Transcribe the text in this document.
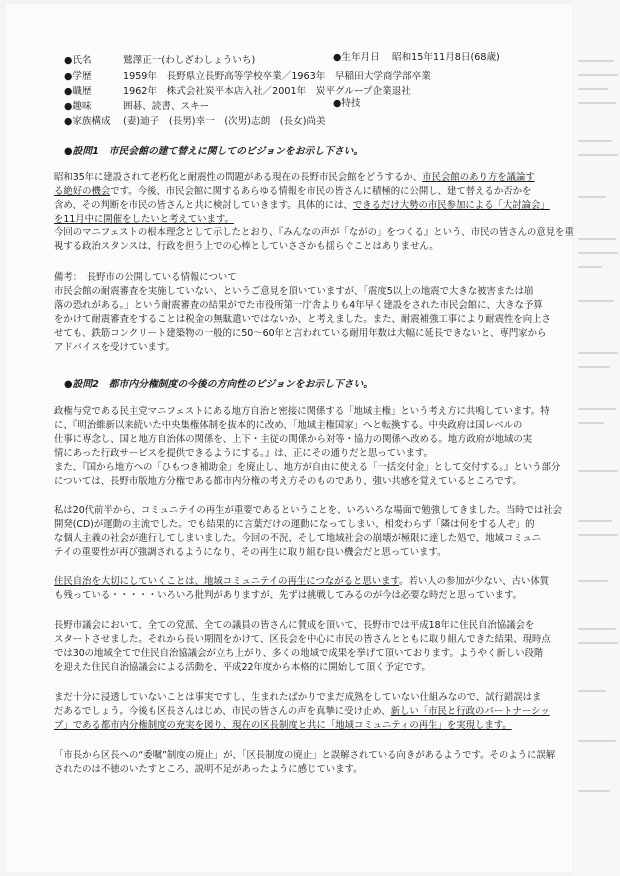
●氏名	鷲澤正一(わしざわしょういち)	●生年月日 昭和15年11月8日(68歳)
●学歴	1959年　長野県立長野高等学校卒業／1963年　早稲田大学商学部卒業
●職歴	1962年　株式会社炭平本店入社／2001年　炭平グループ企業退社
●趣味	囲碁、読書、スキー	●特技
●家族構成 (妻)迪子　(長男)幸一　(次男)志朗　(長女)尚美
●設問1　市民会館の建て替えに関してのビジョンをお示し下さい。
昭和35年に建設されて老朽化と耐震性の問題がある現在の長野市民会館をどうするか、市民会館のあり方を議論す
る絶好の機会です。今後、市民会館に関するあらゆる情報を市民の皆さんに積極的に公開し、建て替えるか否かを
含め、その判断を市民の皆さんと共に検討していきます。具体的には、できるだけ大勢の市民参加による「大討論会」
を11月中に開催をしたいと考えています。
今回のマニフェストの根本理念として示したとおり、『みんなの声が「ながの」をつくる』という、市民の皆さんの意見を重
視する政治スタンスは、行政を担う上での心棒としていささかも揺らぐことはありません。
備考：　長野市の公開している情報について
市民会館の耐震審査を実施していない、というご意見を頂いていますが、「震度5以上の地震で大きな被害または崩
落の恐れがある。」という耐震審査の結果がでた市役所第一庁舎よりも4年早く建設をされた市民会館に、大きな予算
をかけて耐震審査をすることは税金の無駄遣いではないか、と考えました。また、耐震補強工事により耐震性を向上さ
せても、鉄筋コンクリート建築物の一般的に50～60年と言われている耐用年数は大幅に延長できないと、専門家から
アドバイスを受けています。
●設問2　都市内分権制度の今後の方向性のビジョンをお示し下さい。
政権与党である民主党マニフェストにある地方自治と密接に関係する「地域主権」という考え方に共鳴しています。特
に、『明治維新以来続いた中央集権体制を抜本的に改め、「地域主権国家」へと転換する。中央政府は国レベルの
仕事に専念し、国と地方自治体の関係を、上下・主従の関係から対等・協力の関係へ改める。地方政府が地域の実
情にあった行政サービスを提供できるようにする。』は、正にその通りだと思っています。
また、『国から地方への「ひもつき補助金」を廃止し、地方が自由に使える「一括交付金」として交付する。』という部分
については、長野市版地方分権である都市内分権の考え方そのものであり、強い共感を覚えているところです。
私は20代前半から、コミュニテイの再生が重要であるということを、いろいろな場面で勉強してきました。当時では社会
開発(CD)が運動の主流でした。でも結果的に言葉だけの運動になってしまい、相変わらず「隣は何をする人ぞ」的
な個人主義の社会が進行してしまいました。今回の不況、そして地域社会の崩壊が極限に達した処で、地域コミュニ
テイの重要性が再び強調されるようになり、その再生に取り組む良い機会だと思っています。
住民自治を大切にしていくことは、地域コミュニテイの再生につながると思います。若い人の参加が少ない、古い体質
も残っている・・・・・いろいろ批判がありますが、先ずは挑戦してみるのが今は必要な時だと思っています。
長野市議会において、全ての党派、全ての議員の皆さんに賛成を頂いて、長野市では平成18年に住民自治協議会を
スタートさせました。それから長い期間をかけて、区長会を中心に市民の皆さんとともに取り組んできた結果、現時点
では30の地域全てで住民自治協議会が立ち上がり、多くの地域で成果を挙げて頂いております。ようやく新しい段階
を迎えた住民自治協議会による活動を、平成22年度から本格的に開始して頂く予定です。
まだ十分に浸透していないことは事実ですし、生まれたばかりでまだ成熟をしていない仕組みなので、試行錯誤はま
だあるでしょう。今後も区長さんはじめ、市民の皆さんの声を真摯に受け止め、新しい「市民と行政のパートナーシッ
プ」である都市内分権制度の充実を図り、現在の区長制度と共に「地域コミュニティの再生」を実現します。
「市長から区長への“委嘱”制度の廃止」が、「区長制度の廃止」と誤解されている向きがあるようです。そのように誤解
されたのは不徳のいたすところ、説明不足があったように感じています。
